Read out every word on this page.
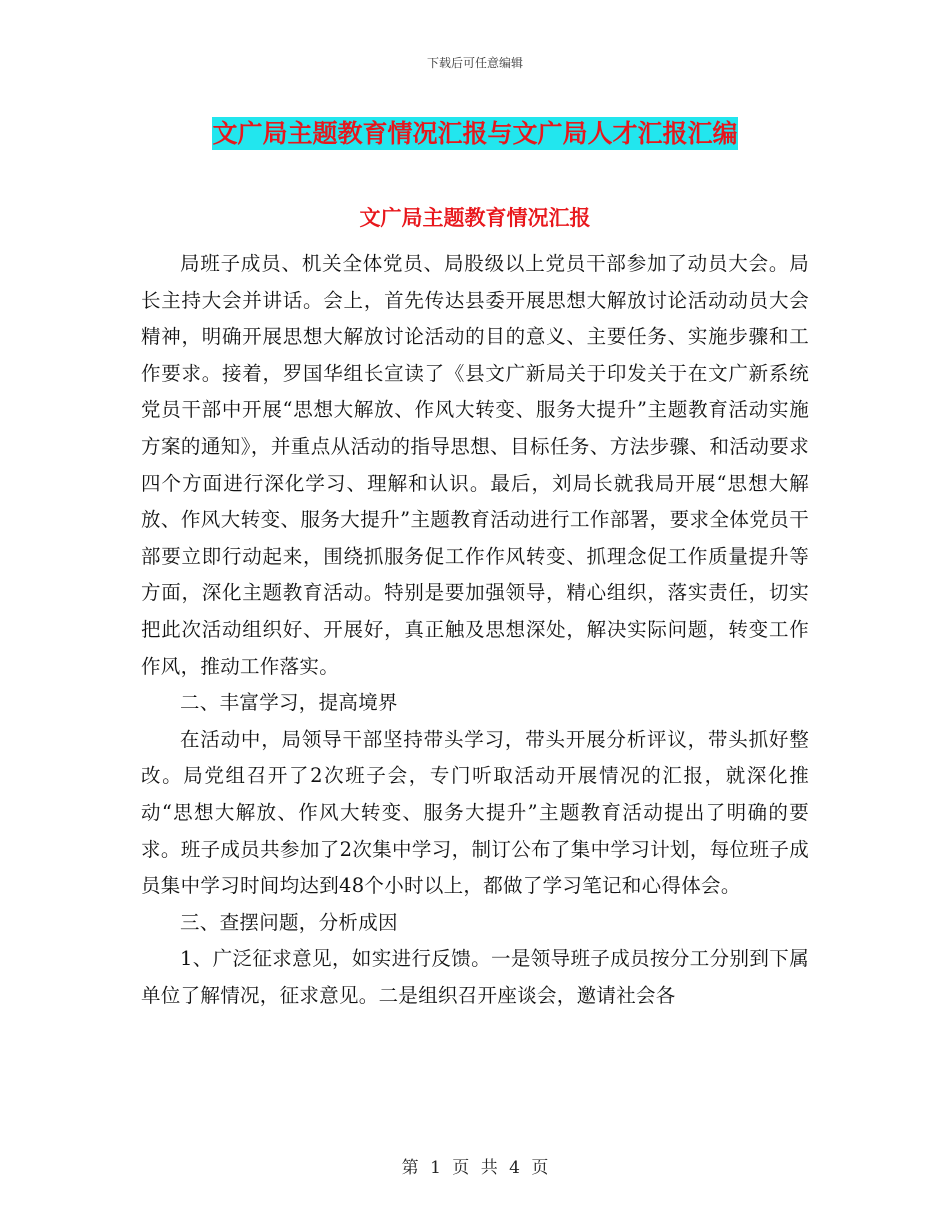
下载后可任意编辑
文广局主题教育情况汇报与文广局人才汇报汇编
文广局主题教育情况汇报

局班子成员、机关全体党员、局股级以上党员干部参加了动员大会。局长主持大会并讲话。会上，首先传达县委开展思想大解放讨论活动动员大会精神，明确开展思想大解放讨论活动的目的意义、主要任务、实施步骤和工作要求。接着，罗国华组长宣读了《县文广新局关于印发关于在文广新系统党员干部中开展“思想大解放、作风大转变、服务大提升”主题教育活动实施方案的通知》，并重点从活动的指导思想、目标任务、方法步骤、和活动要求四个方面进行深化学习、理解和认识。最后，刘局长就我局开展“思想大解放、作风大转变、服务大提升”主题教育活动进行工作部署，要求全体党员干部要立即行动起来，围绕抓服务促工作作风转变、抓理念促工作质量提升等方面，深化主题教育活动。特别是要加强领导，精心组织，落实责任，切实把此次活动组织好、开展好，真正触及思想深处，解决实际问题，转变工作作风，推动工作落实。

二、丰富学习，提高境界

在活动中，局领导干部坚持带头学习，带头开展分析评议，带头抓好整改。局党组召开了2次班子会，专门听取活动开展情况的汇报，就深化推动“思想大解放、作风大转变、服务大提升”主题教育活动提出了明确的要求。班子成员共参加了2次集中学习，制订公布了集中学习计划，每位班子成员集中学习时间均达到48个小时以上，都做了学习笔记和心得体会。

三、查摆问题，分析成因

1、广泛征求意见，如实进行反馈。一是领导班子成员按分工分别到下属单位了解情况，征求意见。二是组织召开座谈会，邀请社会各

第 1 页 共 4 页
